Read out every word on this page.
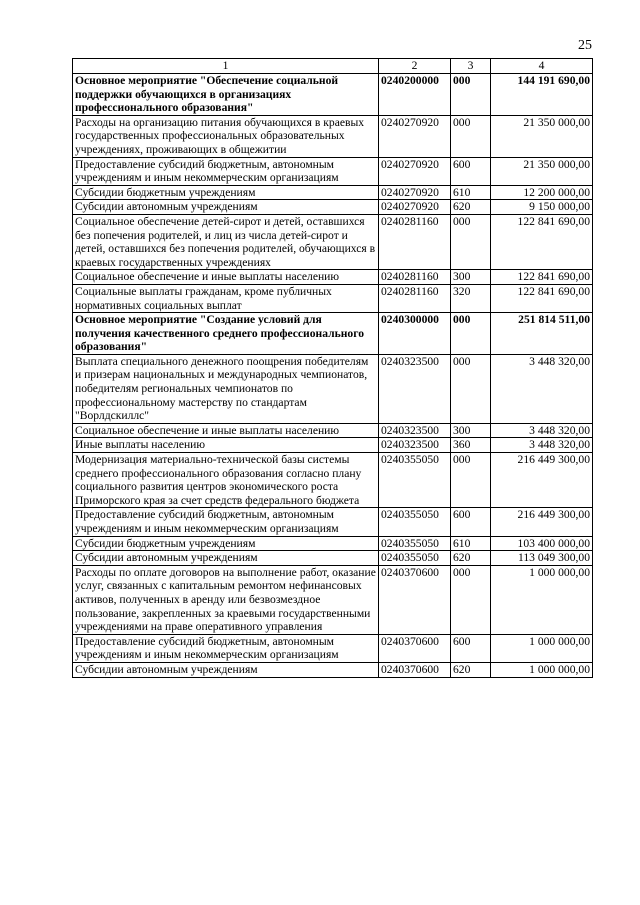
25
1	2	3	4
Основное мероприятие "Обеспечение социальной поддержки обучающихся в организациях профессионального образования"	0240200000	000	144 191 690,00
Расходы на организацию питания обучающихся в краевых государственных профессиональных образовательных учреждениях, проживающих в общежитии	0240270920	000	21 350 000,00
Предоставление субсидий бюджетным, автономным учреждениям и иным некоммерческим организациям	0240270920	600	21 350 000,00
Субсидии бюджетным учреждениям	0240270920	610	12 200 000,00
Субсидии автономным учреждениям	0240270920	620	9 150 000,00
Социальное обеспечение детей-сирот и детей, оставшихся без попечения родителей, и лиц из числа детей-сирот и детей, оставшихся без попечения родителей, обучающихся в краевых государственных учреждениях	0240281160	000	122 841 690,00
Социальное обеспечение и иные выплаты населению	0240281160	300	122 841 690,00
Социальные выплаты гражданам, кроме публичных нормативных социальных выплат	0240281160	320	122 841 690,00
Основное мероприятие "Создание условий для получения качественного среднего профессионального образования"	0240300000	000	251 814 511,00
Выплата специального денежного поощрения победителям и призерам национальных и международных чемпионатов, победителям региональных чемпионатов по профессиональному мастерству по стандартам "Ворлдскиллс"	0240323500	000	3 448 320,00
Социальное обеспечение и иные выплаты населению	0240323500	300	3 448 320,00
Иные выплаты населению	0240323500	360	3 448 320,00
Модернизация материально-технической базы системы среднего профессионального образования согласно плану социального развития центров экономического роста Приморского края за счет средств федерального бюджета	0240355050	000	216 449 300,00
Предоставление субсидий бюджетным, автономным учреждениям и иным некоммерческим организациям	0240355050	600	216 449 300,00
Субсидии бюджетным учреждениям	0240355050	610	103 400 000,00
Субсидии автономным учреждениям	0240355050	620	113 049 300,00
Расходы по оплате договоров на выполнение работ, оказание услуг, связанных с капитальным ремонтом нефинансовых активов, полученных в аренду или безвозмездное пользование, закрепленных за краевыми государственными учреждениями на праве оперативного управления	0240370600	000	1 000 000,00
Предоставление субсидий бюджетным, автономным учреждениям и иным некоммерческим организациям	0240370600	600	1 000 000,00
Субсидии автономным учреждениям	0240370600	620	1 000 000,00
